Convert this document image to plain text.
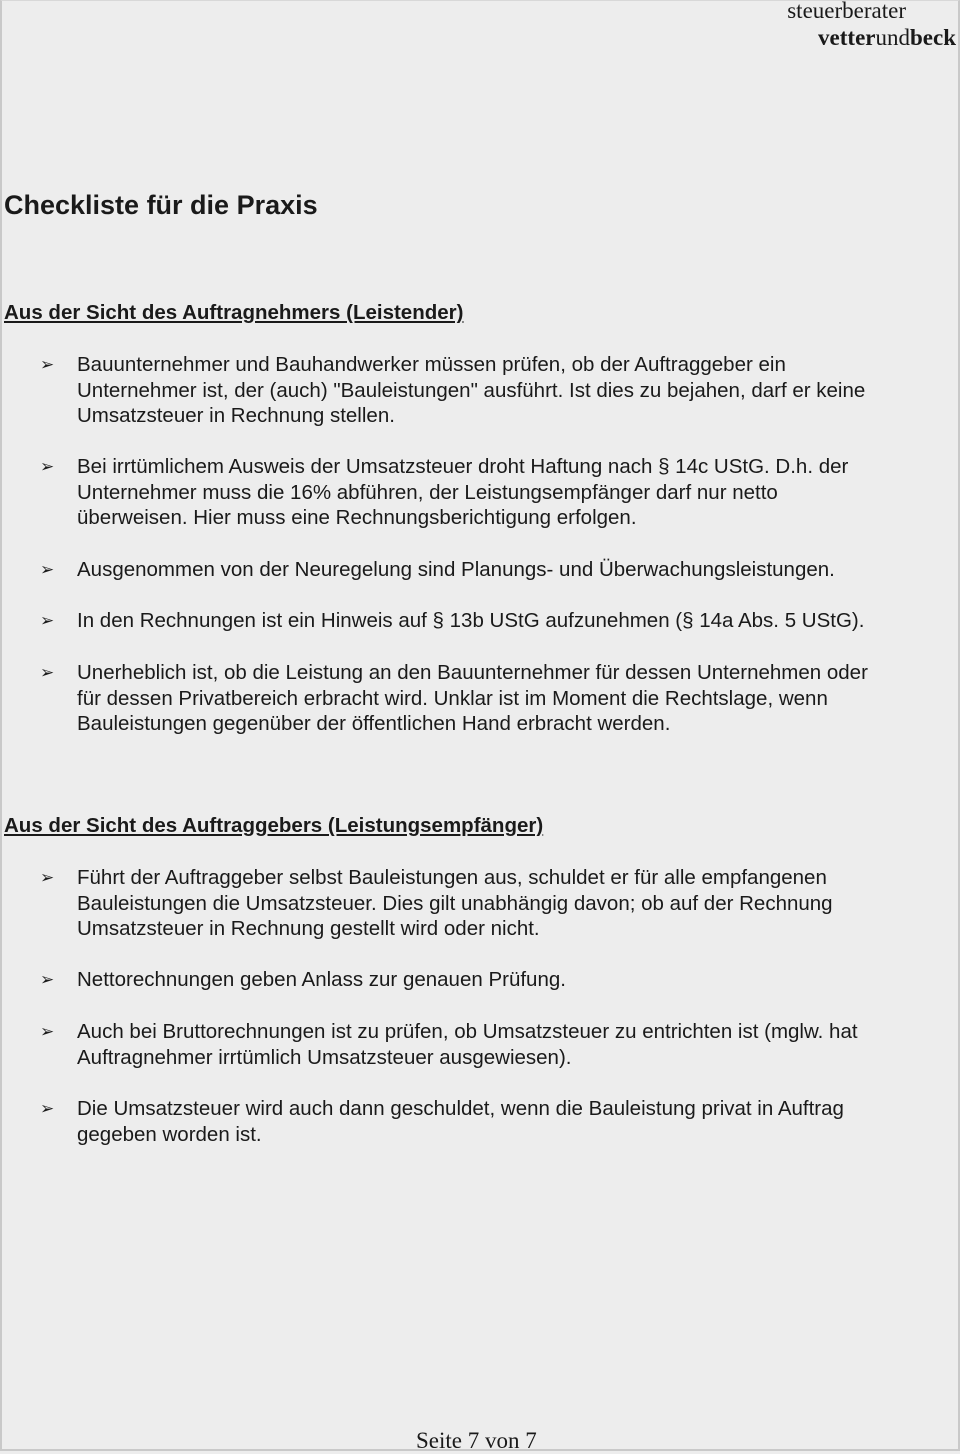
steuerberater
vetterundbeck
Checkliste für die Praxis
Aus der Sicht des Auftragnehmers (Leistender)
➢ Bauunternehmer und Bauhandwerker müssen prüfen, ob der Auftraggeber ein
Unternehmer ist, der (auch) "Bauleistungen" ausführt. Ist dies zu bejahen, darf er keine
Umsatzsteuer in Rechnung stellen.
➢ Bei irrtümlichem Ausweis der Umsatzsteuer droht Haftung nach § 14c UStG. D.h. der
Unternehmer muss die 16% abführen, der Leistungsempfänger darf nur netto
überweisen. Hier muss eine Rechnungsberichtigung erfolgen.
➢ Ausgenommen von der Neuregelung sind Planungs- und Überwachungsleistungen.
➢ In den Rechnungen ist ein Hinweis auf § 13b UStG aufzunehmen (§ 14a Abs. 5 UStG).
➢ Unerheblich ist, ob die Leistung an den Bauunternehmer für dessen Unternehmen oder
für dessen Privatbereich erbracht wird. Unklar ist im Moment die Rechtslage, wenn
Bauleistungen gegenüber der öffentlichen Hand erbracht werden.
Aus der Sicht des Auftraggebers (Leistungsempfänger)
➢ Führt der Auftraggeber selbst Bauleistungen aus, schuldet er für alle empfangenen
Bauleistungen die Umsatzsteuer. Dies gilt unabhängig davon; ob auf der Rechnung
Umsatzsteuer in Rechnung gestellt wird oder nicht.
➢ Nettorechnungen geben Anlass zur genauen Prüfung.
➢ Auch bei Bruttorechnungen ist zu prüfen, ob Umsatzsteuer zu entrichten ist (mglw. hat
Auftragnehmer irrtümlich Umsatzsteuer ausgewiesen).
➢ Die Umsatzsteuer wird auch dann geschuldet, wenn die Bauleistung privat in Auftrag
gegeben worden ist.
Seite 7 von 7
